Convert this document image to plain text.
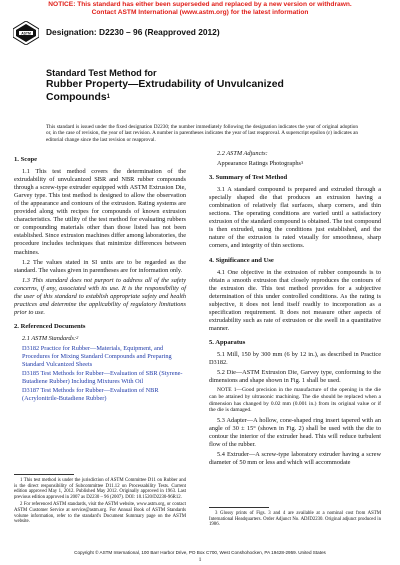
NOTICE: This standard has either been superseded and replaced by a new version or withdrawn.
Contact ASTM International (www.astm.org) for the latest information
ASTM Designation: D2230 – 96 (Reapproved 2012)
Standard Test Method for
Rubber Property—Extrudability of Unvulcanized
Compounds$^1$
This standard is issued under the fixed designation D2230; the number immediately following the designation indicates the year of original adoption or, in the case of revision, the year of last revision. A number in parentheses indicates the year of last reapproval. A superscript epsilon (ε) indicates an editorial change since the last revision or reapproval.
1. Scope
1.1 This test method covers the determination of the extrudability of unvulcanized SBR and NBR rubber compounds through a screw-type extruder equipped with ASTM Extrusion Die, Garvey type. This test method is designed to allow the observation of the appearance and contours of the extrusion. Rating systems are provided along with recipes for compounds of known extrusion characteristics. The utility of the test method for evaluating rubbers or compounding materials other than those listed has not been established. Since extrusion machines differ among laboratories, the procedure includes techniques that minimize differences between machines.
1.2 The values stated in SI units are to be regarded as the standard. The values given in parentheses are for information only.
1.3 This standard does not purport to address all of the safety concerns, if any, associated with its use. It is the responsibility of the user of this standard to establish appropriate safety and health practices and determine the applicability of regulatory limitations prior to use.
2. Referenced Documents
2.1 ASTM Standards:$^2$
D3182 Practice for Rubber—Materials, Equipment, and Procedures for Mixing Standard Compounds and Preparing Standard Vulcanized Sheets
D3185 Test Methods for Rubber—Evaluation of SBR (Styrene-Butadiene Rubber) Including Mixtures With Oil
D3187 Test Methods for Rubber—Evaluation of NBR (Acrylonitrile-Butadiene Rubber)
2.2 ASTM Adjuncts:
Appearance Ratings Photographs$^3$
3. Summary of Test Method
3.1 A standard compound is prepared and extruded through a specially shaped die that produces an extrusion having a combination of relatively flat surfaces, sharp corners, and thin sections. The operating conditions are varied until a satisfactory extrusion of the standard compound is obtained. The test compound is then extruded, using the conditions just established, and the nature of the extrusion is rated visually for smoothness, sharp corners, and integrity of thin sections.
4. Significance and Use
4.1 One objective in the extrusion of rubber compounds is to obtain a smooth extrusion that closely reproduces the contours of the extrusion die. This test method provides for a subjective determination of this under controlled conditions. As the rating is subjective, it does not lend itself readily to incorporation as a specification requirement. It does not measure other aspects of extrudability such as rate of extrusion or die swell in a quantitative manner.
5. Apparatus
5.1 Mill, 150 by 300 mm (6 by 12 in.), as described in Practice D3182.
5.2 Die—ASTM Extrusion Die, Garvey type, conforming to the dimensions and shape shown in Fig. 1 shall be used.
NOTE 1—Good precision in the manufacture of the opening in the die can be attained by ultrasonic machining. The die should be replaced when a dimension has changed by 0.02 mm (0.001 in.) from its original value or if the die is damaged.
5.3 Adapter—A hollow, cone-shaped ring insert tapered with an angle of 30 ± 15° (shown in Fig. 2) shall be used with the die to contour the interior of the extruder head. This will reduce turbulent flow of the rubber.
5.4 Extruder—A screw-type laboratory extruder having a screw diameter of 50 mm or less and which will accommodate
1 This test method is under the jurisdiction of ASTM Committee D11 on Rubber and is the direct responsibility of Subcommittee D11.12 on Processability Tests. Current edition approved May 1, 2012. Published May 2012. Originally approved in 1963. Last previous edition approved in 2007 as D2230 – 96 (2007). DOI: 10.1520/D2230-96R12.
2 For referenced ASTM standards, visit the ASTM website, www.astm.org, or contact ASTM Customer Service at service@astm.org. For Annual Book of ASTM Standards volume information, refer to the standard's Document Summary page on the ASTM website.
3 Glossy prints of Figs. 3 and 4 are available at a nominal cost from ASTM International Headquarters. Order Adjunct No. ADJD2230. Original adjunct produced in 1986.
Copyright © ASTM International, 100 Barr Harbor Drive, PO Box C700, West Conshohocken, PA 19428-2959. United States
1
